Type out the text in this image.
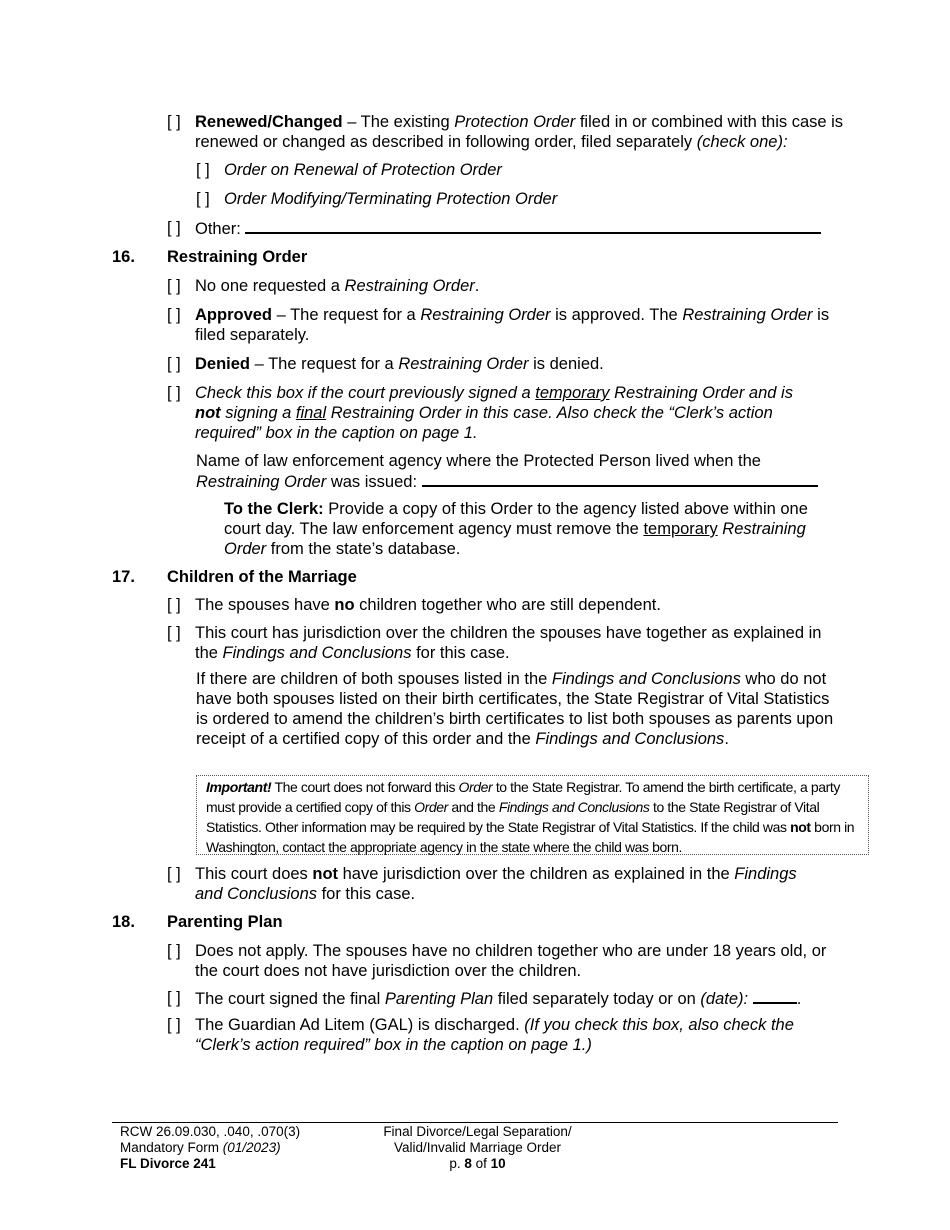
[ ] Renewed/Changed – The existing Protection Order filed in or combined with this case is renewed or changed as described in following order, filed separately (check one):
[ ] Order on Renewal of Protection Order
[ ] Order Modifying/Terminating Protection Order
[ ] Other:
16. Restraining Order
[ ] No one requested a Restraining Order.
[ ] Approved – The request for a Restraining Order is approved. The Restraining Order is filed separately.
[ ] Denied – The request for a Restraining Order is denied.
[ ] Check this box if the court previously signed a temporary Restraining Order and is not signing a final Restraining Order in this case. Also check the “Clerk’s action required” box in the caption on page 1.
Name of law enforcement agency where the Protected Person lived when the Restraining Order was issued:
To the Clerk: Provide a copy of this Order to the agency listed above within one court day. The law enforcement agency must remove the temporary Restraining Order from the state’s database.
17. Children of the Marriage
[ ] The spouses have no children together who are still dependent.
[ ] This court has jurisdiction over the children the spouses have together as explained in the Findings and Conclusions for this case.
If there are children of both spouses listed in the Findings and Conclusions who do not have both spouses listed on their birth certificates, the State Registrar of Vital Statistics is ordered to amend the children’s birth certificates to list both spouses as parents upon receipt of a certified copy of this order and the Findings and Conclusions.
Important! The court does not forward this Order to the State Registrar. To amend the birth certificate, a party must provide a certified copy of this Order and the Findings and Conclusions to the State Registrar of Vital Statistics. Other information may be required by the State Registrar of Vital Statistics. If the child was not born in Washington, contact the appropriate agency in the state where the child was born.
[ ] This court does not have jurisdiction over the children as explained in the Findings and Conclusions for this case.
18. Parenting Plan
[ ] Does not apply. The spouses have no children together who are under 18 years old, or the court does not have jurisdiction over the children.
[ ] The court signed the final Parenting Plan filed separately today or on (date):	.
[ ] The Guardian Ad Litem (GAL) is discharged. (If you check this box, also check the “Clerk’s action required” box in the caption on page 1.)
RCW 26.09.030, .040, .070(3)
Mandatory Form (01/2023)
FL Divorce 241
Final Divorce/Legal Separation/
Valid/Invalid Marriage Order
p. 8 of 10
